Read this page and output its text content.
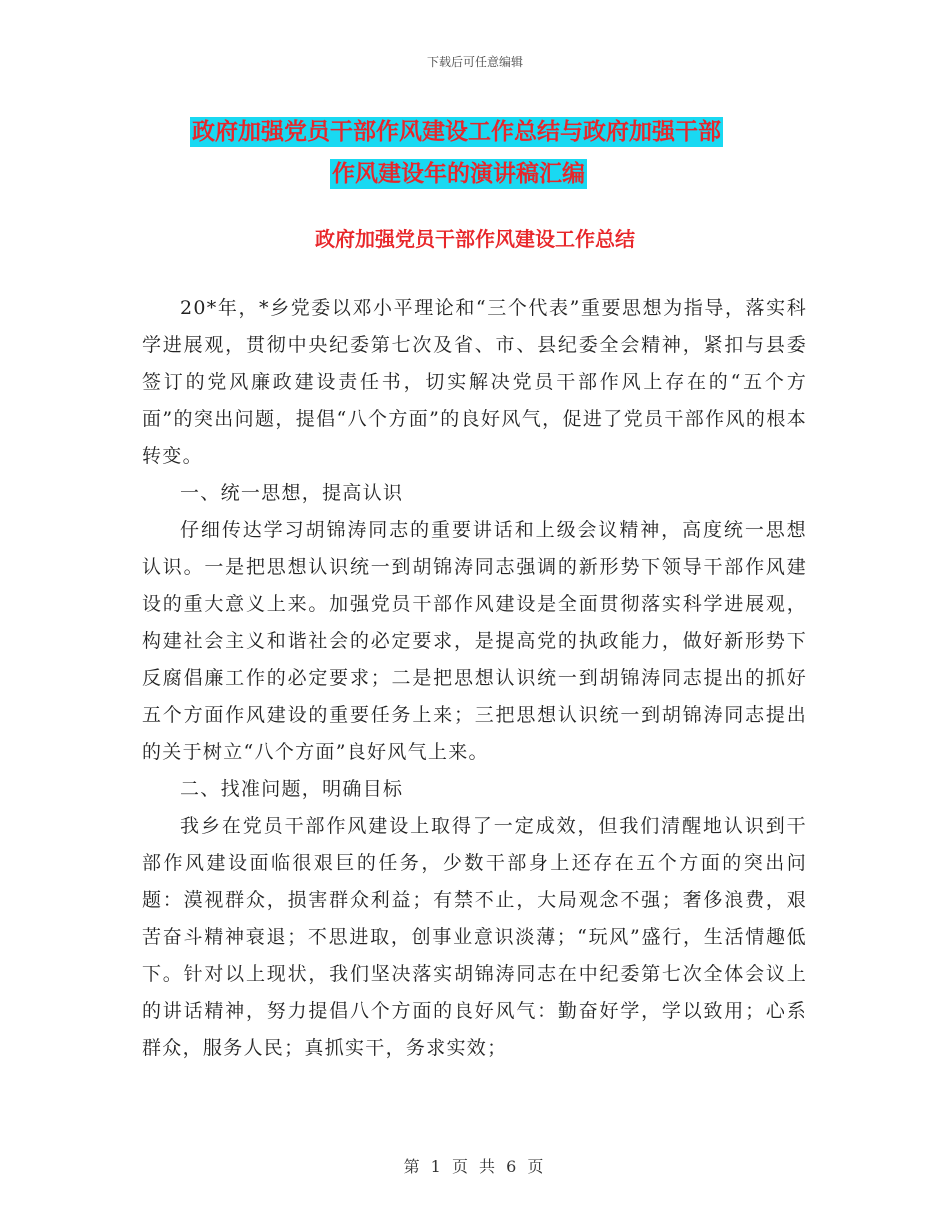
下载后可任意编辑
政府加强党员干部作风建设工作总结与政府加强干部
作风建设年的演讲稿汇编
政府加强党员干部作风建设工作总结

20*年，*乡党委以邓小平理论和“三个代表”重要思想为指导，落实科学进展观，贯彻中央纪委第七次及省、市、县纪委全会精神，紧扣与县委签订的党风廉政建设责任书，切实解决党员干部作风上存在的“五个方面”的突出问题，提倡“八个方面”的良好风气，促进了党员干部作风的根本转变。

一、统一思想，提高认识

仔细传达学习胡锦涛同志的重要讲话和上级会议精神，高度统一思想认识。一是把思想认识统一到胡锦涛同志强调的新形势下领导干部作风建设的重大意义上来。加强党员干部作风建设是全面贯彻落实科学进展观，构建社会主义和谐社会的必定要求，是提高党的执政能力，做好新形势下反腐倡廉工作的必定要求；二是把思想认识统一到胡锦涛同志提出的抓好五个方面作风建设的重要任务上来；三把思想认识统一到胡锦涛同志提出的关于树立“八个方面”良好风气上来。

二、找准问题，明确目标

我乡在党员干部作风建设上取得了一定成效，但我们清醒地认识到干部作风建设面临很艰巨的任务，少数干部身上还存在五个方面的突出问题：漠视群众，损害群众利益；有禁不止，大局观念不强；奢侈浪费，艰苦奋斗精神衰退；不思进取，创事业意识淡薄；“玩风”盛行，生活情趣低下。针对以上现状，我们坚决落实胡锦涛同志在中纪委第七次全体会议上的讲话精神，努力提倡八个方面的良好风气：勤奋好学，学以致用；心系群众，服务人民；真抓实干，务求实效；

第 1 页 共 6 页
